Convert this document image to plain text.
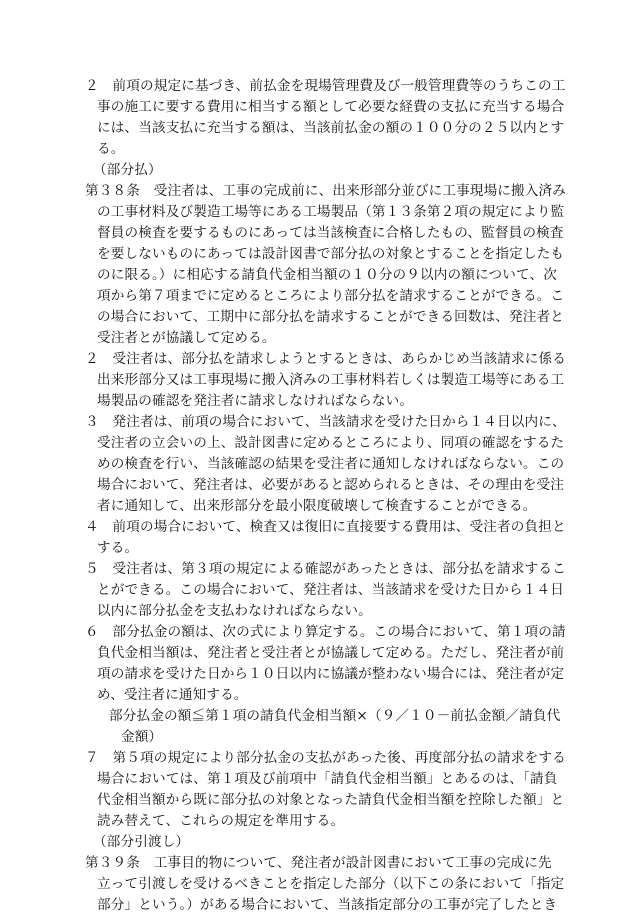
２　前項の規定に基づき、前払金を現場管理費及び一般管理費等のうちこの工
事の施工に要する費用に相当する額として必要な経費の支払に充当する場合
には、当該支払に充当する額は、当該前払金の額の１００分の２５以内とす
る。
（部分払）
第３８条　受注者は、工事の完成前に、出来形部分並びに工事現場に搬入済み
の工事材料及び製造工場等にある工場製品（第１３条第２項の規定により監
督員の検査を要するものにあっては当該検査に合格したもの、監督員の検査
を要しないものにあっては設計図書で部分払の対象とすることを指定したも
のに限る。）に相応する請負代金相当額の１０分の９以内の額について、次
項から第７項までに定めるところにより部分払を請求することができる。こ
の場合において、工期中に部分払を請求することができる回数は、発注者と
受注者とが協議して定める。
２　受注者は、部分払を請求しようとするときは、あらかじめ当該請求に係る
出来形部分又は工事現場に搬入済みの工事材料若しくは製造工場等にある工
場製品の確認を発注者に請求しなければならない。
３　発注者は、前項の場合において、当該請求を受けた日から１４日以内に、
受注者の立会いの上、設計図書に定めるところにより、同項の確認をするた
めの検査を行い、当該確認の結果を受注者に通知しなければならない。この
場合において、発注者は、必要があると認められるときは、その理由を受注
者に通知して、出来形部分を最小限度破壊して検査することができる。
４　前項の場合において、検査又は復旧に直接要する費用は、受注者の負担と
する。
５　受注者は、第３項の規定による確認があったときは、部分払を請求するこ
とができる。この場合において、発注者は、当該請求を受けた日から１４日
以内に部分払金を支払わなければならない。
６　部分払金の額は、次の式により算定する。この場合において、第１項の請
負代金相当額は、発注者と受注者とが協議して定める。ただし、発注者が前
項の請求を受けた日から１０日以内に協議が整わない場合には、発注者が定
め、受注者に通知する。
部分払金の額≦第１項の請負代金相当額×（９／１０－前払金額／請負代
金額）
７　第５項の規定により部分払金の支払があった後、再度部分払の請求をする
場合においては、第１項及び前項中「請負代金相当額」とあるのは、「請負
代金相当額から既に部分払の対象となった請負代金相当額を控除した額」と
読み替えて、これらの規定を準用する。
（部分引渡し）
第３９条　工事目的物について、発注者が設計図書において工事の完成に先
立って引渡しを受けるべきことを指定した部分（以下この条において「指定
部分」という。）がある場合において、当該指定部分の工事が完了したとき
